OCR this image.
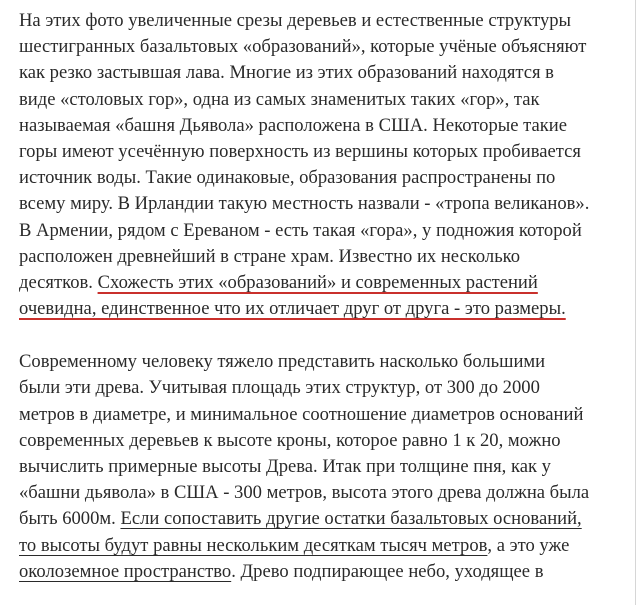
На этих фото увеличенные срезы деревьев и естественные структуры
шестигранных базальтовых «образований», которые учёные объясняют
как резко застывшая лава. Многие из этих образований находятся в
виде «столовых гор», одна из самых знаменитых таких «гор», так
называемая «башня Дьявола» расположена в США. Некоторые такие
горы имеют усечённую поверхность из вершины которых пробивается
источник воды. Такие одинаковые, образования распространены по
всему миру. В Ирландии такую местность назвали - «тропа великанов».
В Армении, рядом с Ереваном - есть такая «гора», у подножия которой
расположен древнейший в стране храм. Известно их несколько
десятков. Схожесть этих «образований» и современных растений
очевидна, единственное что их отличает друг от друга - это размеры.
Современному человеку тяжело представить насколько большими
были эти древа. Учитывая площадь этих структур, от 300 до 2000
метров в диаметре, и минимальное соотношение диаметров оснований
современных деревьев к высоте кроны, которое равно 1 к 20, можно
вычислить примерные высоты Древа. Итак при толщине пня, как у
«башни дьявола» в США - 300 метров, высота этого древа должна была
быть 6000м. Если сопоставить другие остатки базальтовых оснований,
то высоты будут равны нескольким десяткам тысяч метров, а это уже
околоземное пространство. Древо подпирающее небо, уходящее в
